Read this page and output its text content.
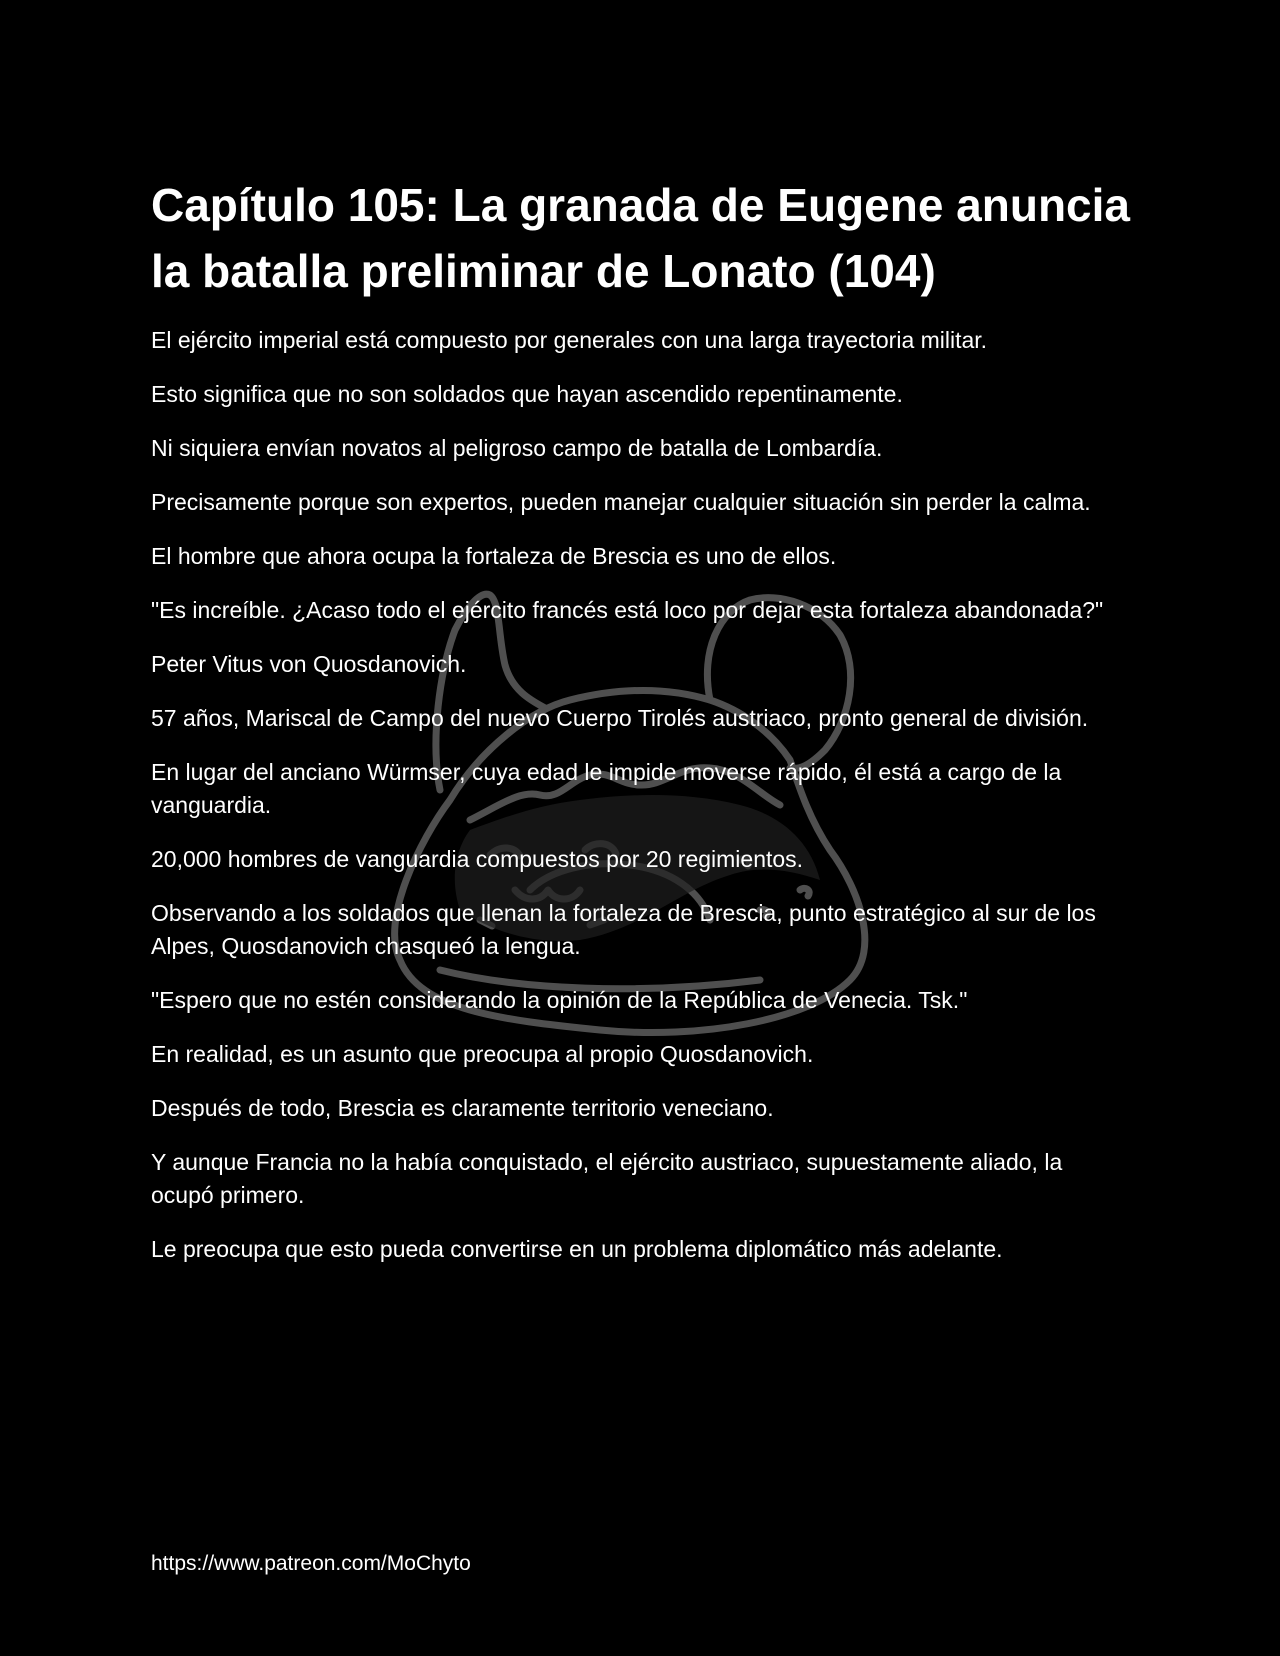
Capítulo 105: La granada de Eugene anuncia la batalla preliminar de Lonato (104)

El ejército imperial está compuesto por generales con una larga trayectoria militar.

Esto significa que no son soldados que hayan ascendido repentinamente.

Ni siquiera envían novatos al peligroso campo de batalla de Lombardía.

Precisamente porque son expertos, pueden manejar cualquier situación sin perder la calma.

El hombre que ahora ocupa la fortaleza de Brescia es uno de ellos.

"Es increíble. ¿Acaso todo el ejército francés está loco por dejar esta fortaleza abandonada?"

Peter Vitus von Quosdanovich.

57 años, Mariscal de Campo del nuevo Cuerpo Tirolés austriaco, pronto general de división.

En lugar del anciano Würmser, cuya edad le impide moverse rápido, él está a cargo de la vanguardia.

20,000 hombres de vanguardia compuestos por 20 regimientos.

Observando a los soldados que llenan la fortaleza de Brescia, punto estratégico al sur de los Alpes, Quosdanovich chasqueó la lengua.

"Espero que no estén considerando la opinión de la República de Venecia. Tsk."

En realidad, es un asunto que preocupa al propio Quosdanovich.

Después de todo, Brescia es claramente territorio veneciano.

Y aunque Francia no la había conquistado, el ejército austriaco, supuestamente aliado, la ocupó primero.

Le preocupa que esto pueda convertirse en un problema diplomático más adelante.

https://www.patreon.com/MoChyto
